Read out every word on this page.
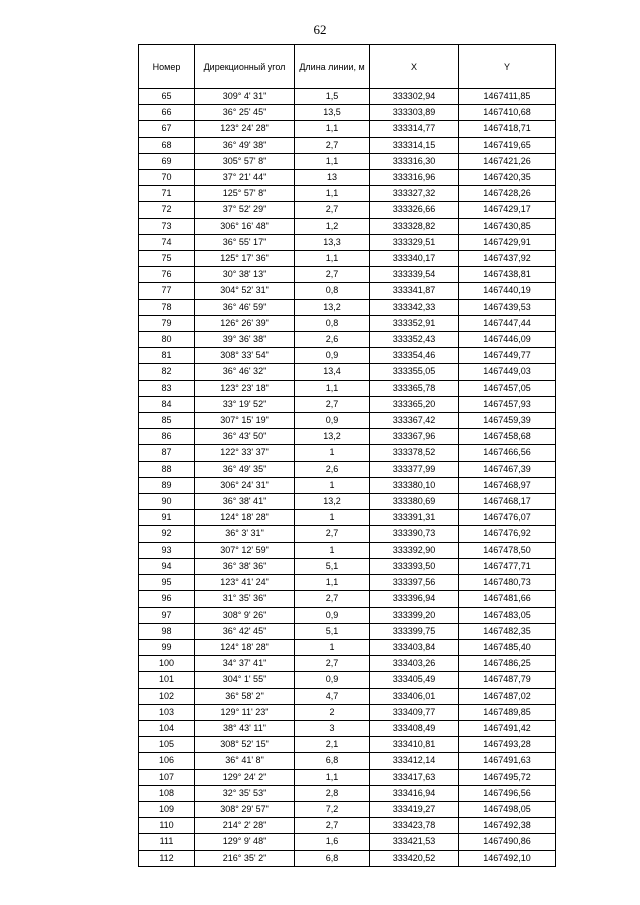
62
Номер	Дирекционный угол	Длина линии, м	X	Y
65	309° 4' 31"	1,5	333302,94	1467411,85
66	36° 25' 45"	13,5	333303,89	1467410,68
67	123° 24' 28"	1,1	333314,77	1467418,71
68	36° 49' 38"	2,7	333314,15	1467419,65
69	305° 57' 8"	1,1	333316,30	1467421,26
70	37° 21' 44"	13	333316,96	1467420,35
71	125° 57' 8"	1,1	333327,32	1467428,26
72	37° 52' 29"	2,7	333326,66	1467429,17
73	306° 16' 48"	1,2	333328,82	1467430,85
74	36° 55' 17"	13,3	333329,51	1467429,91
75	125° 17' 36"	1,1	333340,17	1467437,92
76	30° 38' 13"	2,7	333339,54	1467438,81
77	304° 52' 31"	0,8	333341,87	1467440,19
78	36° 46' 59"	13,2	333342,33	1467439,53
79	126° 26' 39"	0,8	333352,91	1467447,44
80	39° 36' 38"	2,6	333352,43	1467446,09
81	308° 33' 54"	0,9	333354,46	1467449,77
82	36° 46' 32"	13,4	333355,05	1467449,03
83	123° 23' 18"	1,1	333365,78	1467457,05
84	33° 19' 52"	2,7	333365,20	1467457,93
85	307° 15' 19"	0,9	333367,42	1467459,39
86	36° 43' 50"	13,2	333367,96	1467458,68
87	122° 33' 37"	1	333378,52	1467466,56
88	36° 49' 35"	2,6	333377,99	1467467,39
89	306° 24' 31"	1	333380,10	1467468,97
90	36° 38' 41"	13,2	333380,69	1467468,17
91	124° 18' 28"	1	333391,31	1467476,07
92	36° 3' 31"	2,7	333390,73	1467476,92
93	307° 12' 59"	1	333392,90	1467478,50
94	36° 38' 36"	5,1	333393,50	1467477,71
95	123° 41' 24"	1,1	333397,56	1467480,73
96	31° 35' 36"	2,7	333396,94	1467481,66
97	308° 9' 26"	0,9	333399,20	1467483,05
98	36° 42' 45"	5,1	333399,75	1467482,35
99	124° 18' 28"	1	333403,84	1467485,40
100	34° 37' 41"	2,7	333403,26	1467486,25
101	304° 1' 55"	0,9	333405,49	1467487,79
102	36° 58' 2"	4,7	333406,01	1467487,02
103	129° 11' 23"	2	333409,77	1467489,85
104	38° 43' 11"	3	333408,49	1467491,42
105	308° 52' 15"	2,1	333410,81	1467493,28
106	36° 41' 8"	6,8	333412,14	1467491,63
107	129° 24' 2"	1,1	333417,63	1467495,72
108	32° 35' 53"	2,8	333416,94	1467496,56
109	308° 29' 57"	7,2	333419,27	1467498,05
110	214° 2' 28"	2,7	333423,78	1467492,38
111	129° 9' 48"	1,6	333421,53	1467490,86
112	216° 35' 2"	6,8	333420,52	1467492,10
